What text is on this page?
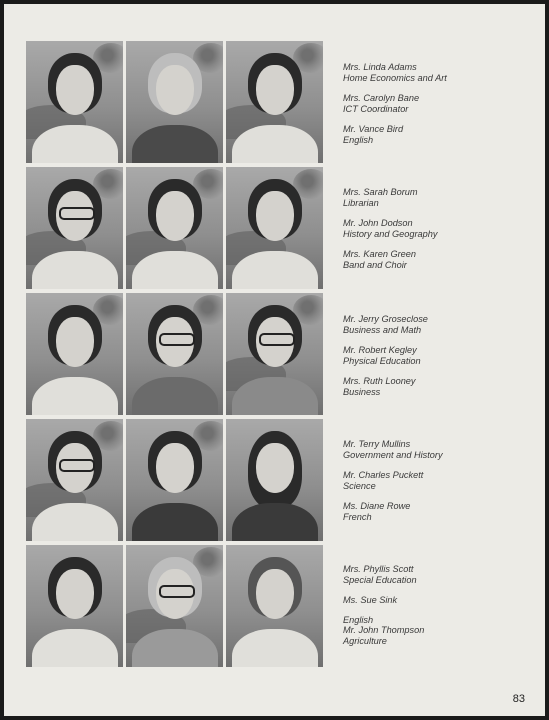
Mrs. Linda Adams
Home Economics and Art
Mrs. Carolyn Bane
ICT Coordinator
Mr. Vance Bird
English
Mrs. Sarah Borum
Librarian
Mr. John Dodson
History and Geography
Mrs. Karen Green
Band and Choir
Mr. Jerry Groseclose
Business and Math
Mr. Robert Kegley
Physical Education
Mrs. Ruth Looney
Business
Mr. Terry Mullins
Government and History
Mr. Charles Puckett
Science
Ms. Diane Rowe
French
Mrs. Phyllis Scott
Special Education
Ms. Sue Sink
English
Mr. John Thompson
Agriculture
83
